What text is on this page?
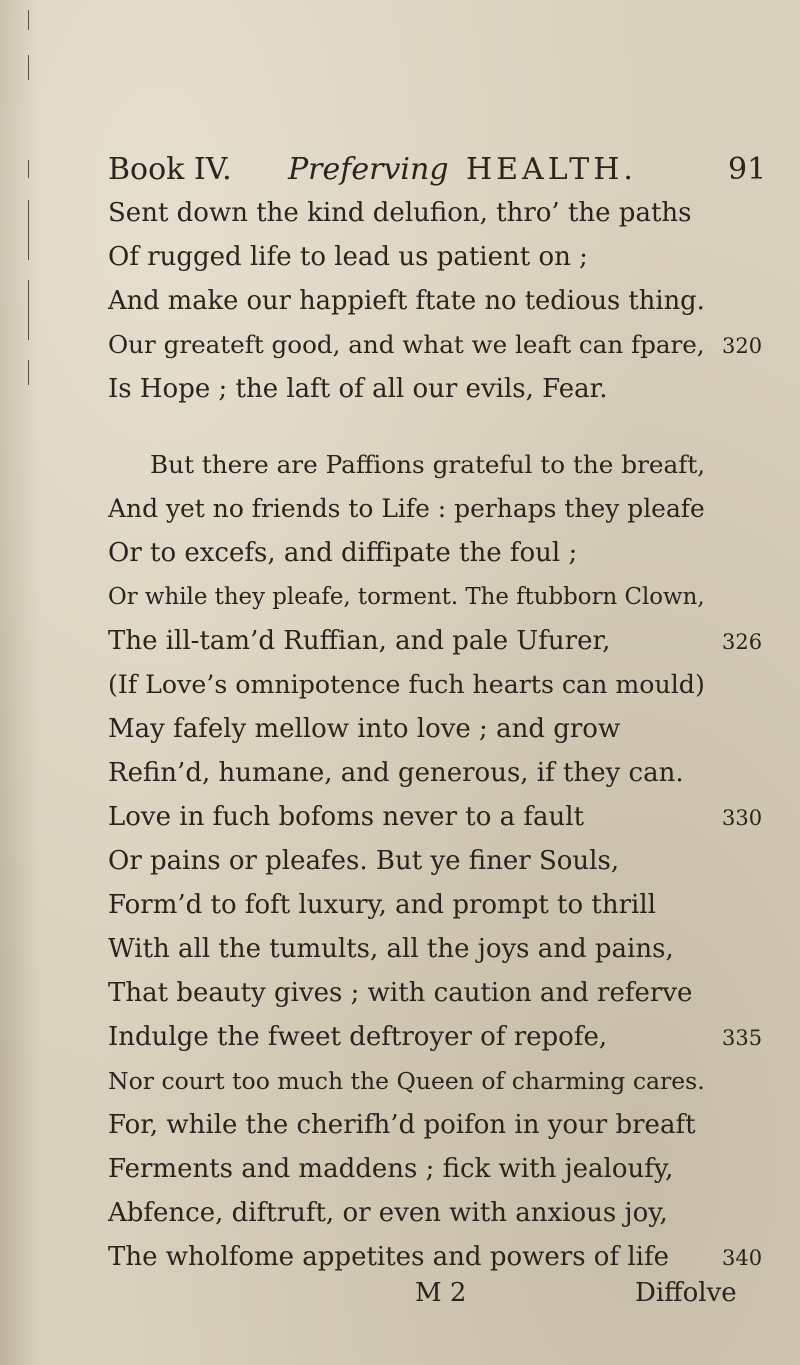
Book IV. Preferving HEALTH.	91
Sent down the kind delufion, thro’ the paths
Of rugged life to lead us patient on ;
And make our happieft ftate no tedious thing.
Our greateft good, and what we leaft can fpare, 320
Is Hope ; the laft of all our evils, Fear.
But there are Paffions grateful to the breaft,
And yet no friends to Life : perhaps they pleafe
Or to excefs, and diffipate the foul ;
Or while they pleafe, torment. The ftubborn Clown,
The ill-tam’d Ruffian, and pale Ufurer,	326
(If Love’s omnipotence fuch hearts can mould)
May fafely mellow into love ; and grow
Refin’d, humane, and generous, if they can.
Love in fuch bofoms never to a fault	330
Or pains or pleafes. But ye finer Souls,
Form’d to foft luxury, and prompt to thrill
With all the tumults, all the joys and pains,
That beauty gives ; with caution and referve
Indulge the fweet deftroyer of repofe,	335
Nor court too much the Queen of charming cares.
For, while the cherifh’d poifon in your breaft
Ferments and maddens ; fick with jealoufy,
Abfence, diftruft, or even with anxious joy,
The wholfome appetites and powers of life	340
M 2	Diffolve
